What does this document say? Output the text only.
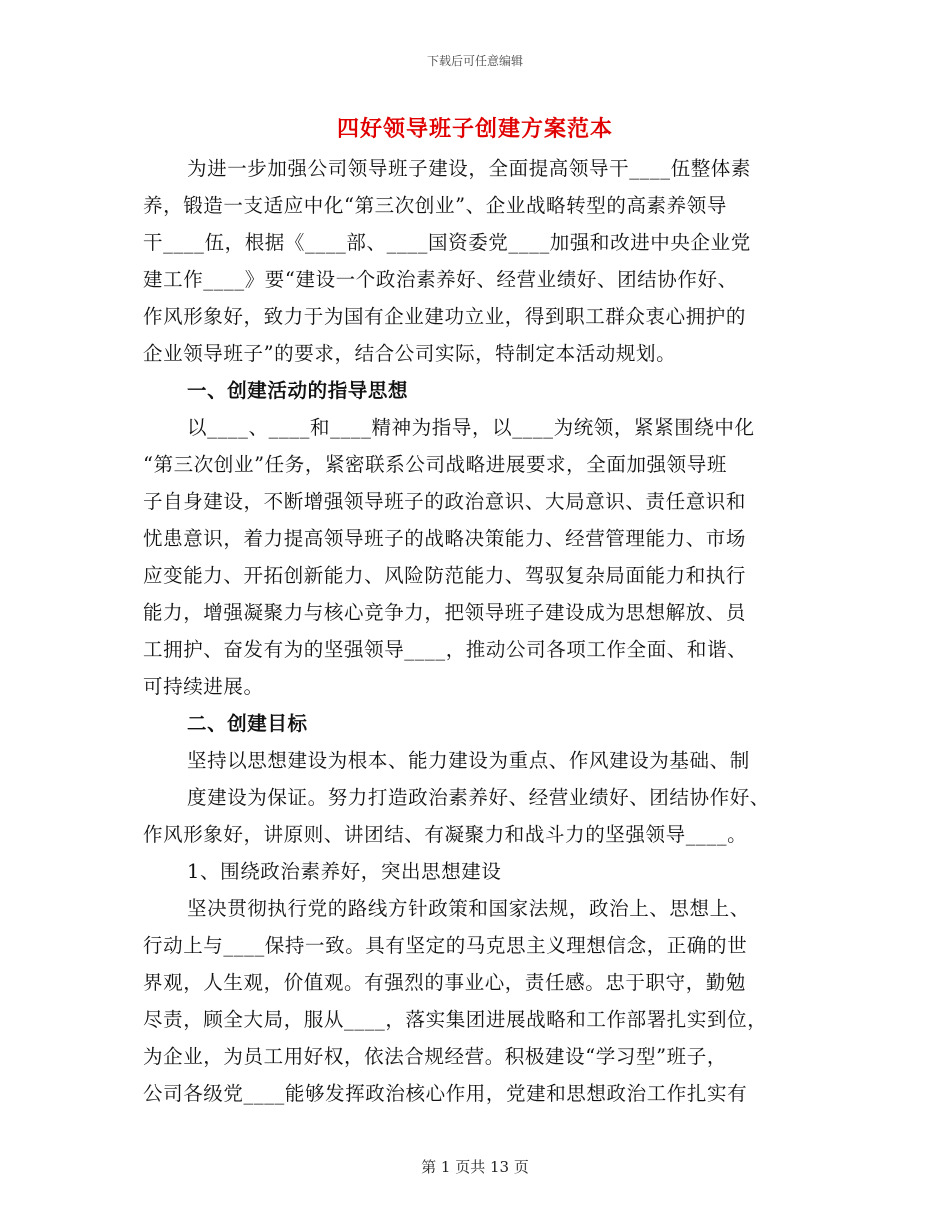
下载后可任意编辑
四好领导班子创建方案范本
为进一步加强公司领导班子建设，全面提高领导干____伍整体素
养，锻造一支适应中化“第三次创业”、企业战略转型的高素养领导
干____伍，根据《____部、____国资委党____加强和改进中央企业党
建工作____》要“建设一个政治素养好、经营业绩好、团结协作好、
作风形象好，致力于为国有企业建功立业，得到职工群众衷心拥护的
企业领导班子”的要求，结合公司实际，特制定本活动规划。
一、创建活动的指导思想
以____、____和____精神为指导，以____为统领，紧紧围绕中化
“第三次创业”任务，紧密联系公司战略进展要求，全面加强领导班
子自身建设，不断增强领导班子的政治意识、大局意识、责任意识和
忧患意识，着力提高领导班子的战略决策能力、经营管理能力、市场
应变能力、开拓创新能力、风险防范能力、驾驭复杂局面能力和执行
能力，增强凝聚力与核心竞争力，把领导班子建设成为思想解放、员
工拥护、奋发有为的坚强领导____，推动公司各项工作全面、和谐、
可持续进展。
二、创建目标
坚持以思想建设为根本、能力建设为重点、作风建设为基础、制
度建设为保证。努力打造政治素养好、经营业绩好、团结协作好、
作风形象好，讲原则、讲团结、有凝聚力和战斗力的坚强领导____。
1、围绕政治素养好，突出思想建设
坚决贯彻执行党的路线方针政策和国家法规，政治上、思想上、
行动上与____保持一致。具有坚定的马克思主义理想信念，正确的世
界观，人生观，价值观。有强烈的事业心，责任感。忠于职守，勤勉
尽责，顾全大局，服从____，落实集团进展战略和工作部署扎实到位，
为企业，为员工用好权，依法合规经营。积极建设“学习型”班子，
公司各级党____能够发挥政治核心作用，党建和思想政治工作扎实有
第 1 页共 13 页
